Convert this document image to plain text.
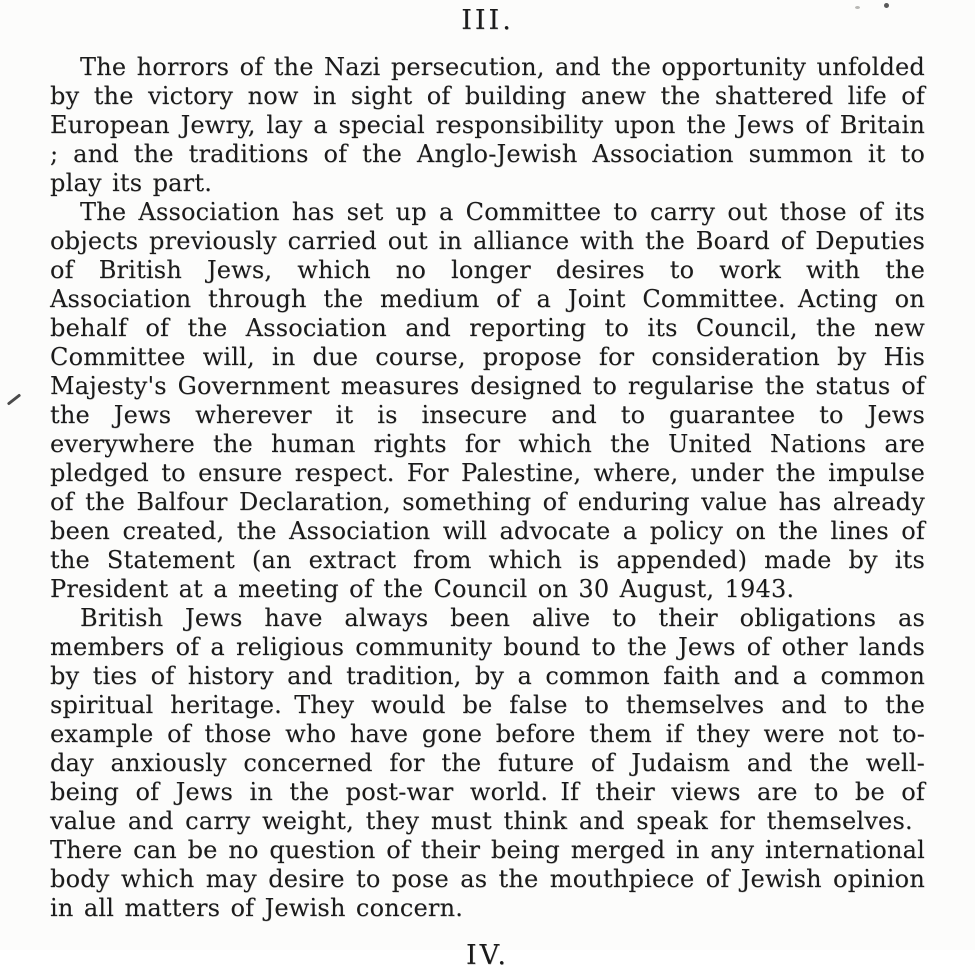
III.

The horrors of the Nazi persecution, and the opportunity unfolded by the victory now in sight of building anew the shattered life of European Jewry, lay a special responsibility upon the Jews of Britain ; and the traditions of the Anglo-Jewish Association summon it to play its part.

The Association has set up a Committee to carry out those of its objects previously carried out in alliance with the Board of Deputies of British Jews, which no longer desires to work with the Association through the medium of a Joint Committee. Acting on behalf of the Association and reporting to its Council, the new Committee will, in due course, propose for consideration by His Majesty's Government measures designed to regularise the status of the Jews wherever it is insecure and to guarantee to Jews everywhere the human rights for which the United Nations are pledged to ensure respect. For Palestine, where, under the impulse of the Balfour Declaration, something of enduring value has already been created, the Association will advocate a policy on the lines of the Statement (an extract from which is appended) made by its President at a meeting of the Council on 30 August, 1943.

British Jews have always been alive to their obligations as members of a religious community bound to the Jews of other lands by ties of history and tradition, by a common faith and a common spiritual heritage. They would be false to themselves and to the example of those who have gone before them if they were not to-day anxiously concerned for the future of Judaism and the well-being of Jews in the post-war world. If their views are to be of value and carry weight, they must think and speak for themselves. There can be no question of their being merged in any international body which may desire to pose as the mouthpiece of Jewish opinion in all matters of Jewish concern.

IV.
